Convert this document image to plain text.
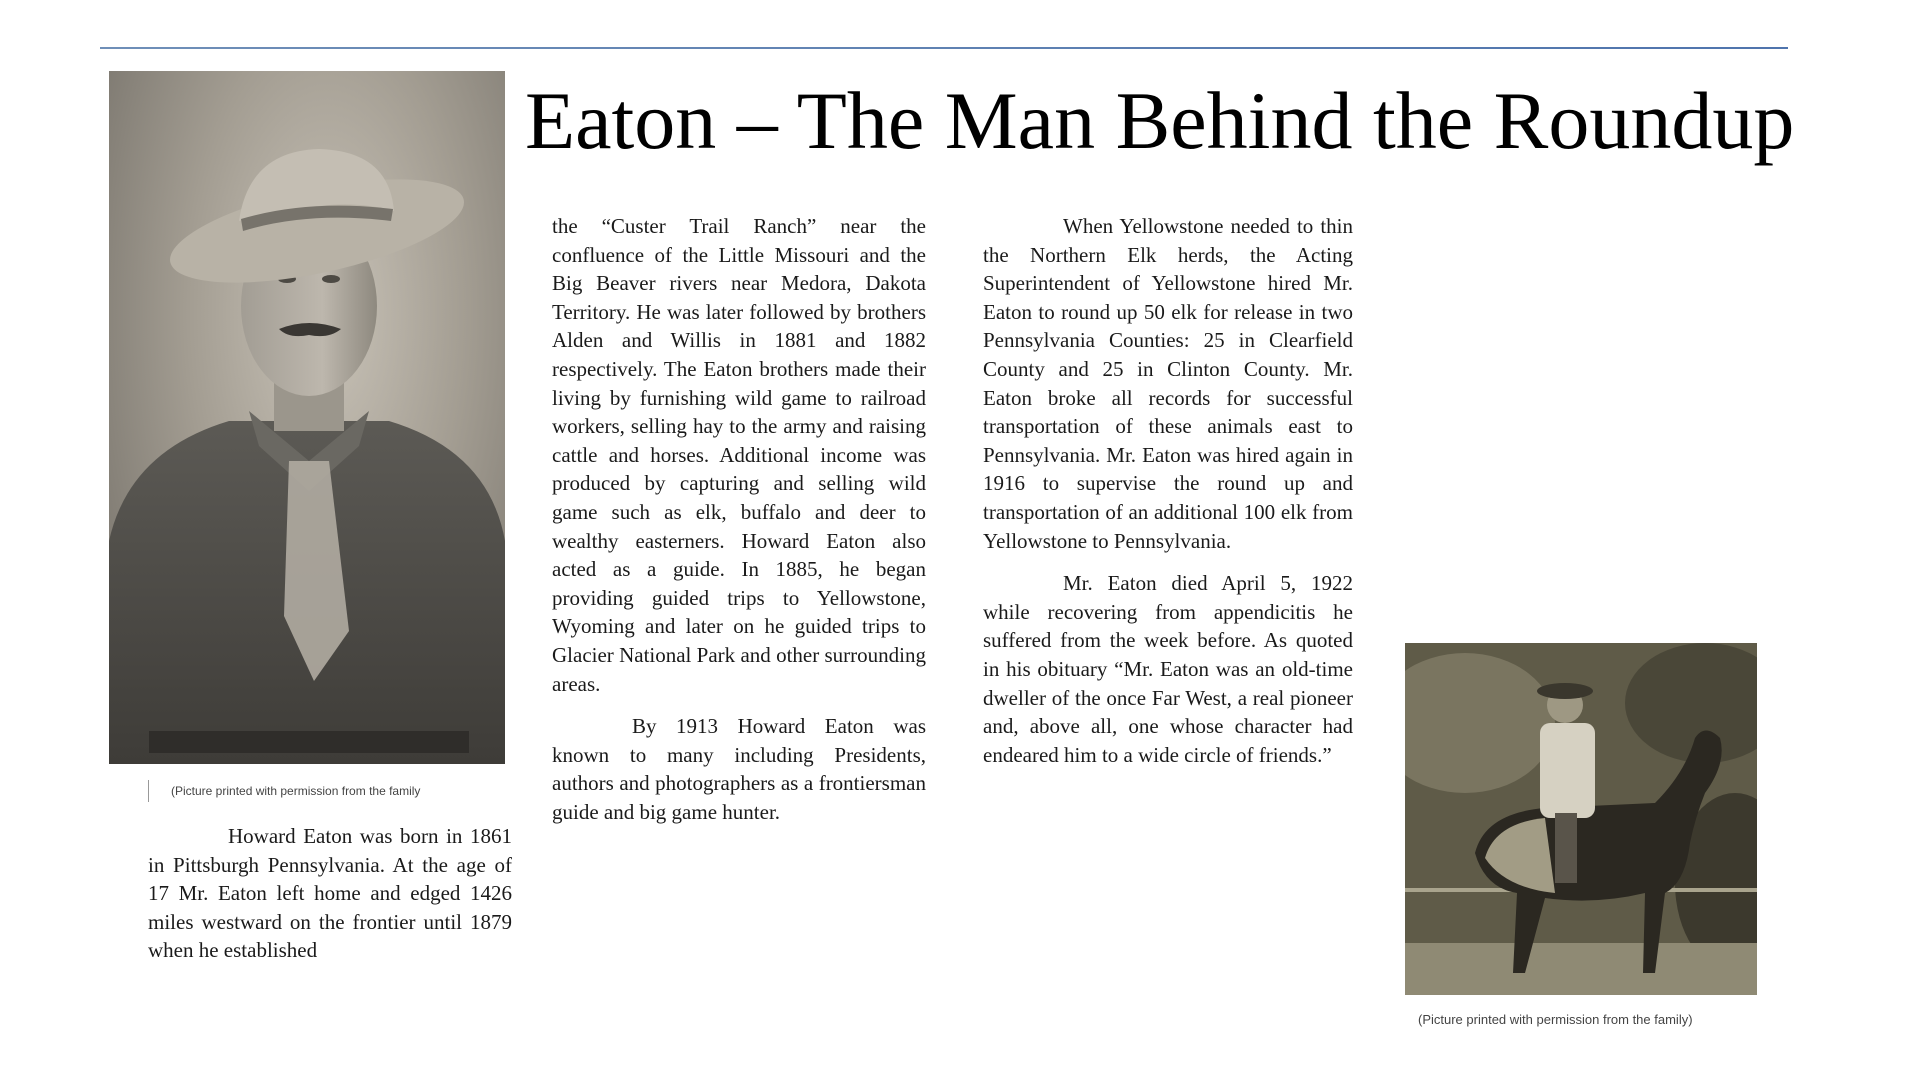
Eaton – The Man Behind the Roundup
(Picture printed with permission from the family
(Picture printed with permission from the family)

Howard Eaton was born in 1861 in Pittsburgh Pennsylvania. At the age of 17 Mr. Eaton left home and edged 1426 miles westward on the frontier until 1879 when he established

the “Custer Trail Ranch” near the confluence of the Little Missouri and the Big Beaver rivers near Medora, Dakota Territory. He was later followed by brothers Alden and Willis in 1881 and 1882 respectively. The Eaton brothers made their living by furnishing wild game to railroad workers, selling hay to the army and raising cattle and horses. Additional income was produced by capturing and selling wild game such as elk, buffalo and deer to wealthy easterners. Howard Eaton also acted as a guide. In 1885, he began providing guided trips to Yellowstone, Wyoming and later on he guided trips to Glacier National Park and other surrounding areas.

By 1913 Howard Eaton was known to many including Presidents, authors and photographers as a frontiersman guide and big game hunter.

When Yellowstone needed to thin the Northern Elk herds, the Acting Superintendent of Yellowstone hired Mr. Eaton to round up 50 elk for release in two Pennsylvania Counties: 25 in Clearfield County and 25 in Clinton County. Mr. Eaton broke all records for successful transportation of these animals east to Pennsylvania. Mr. Eaton was hired again in 1916 to supervise the round up and transportation of an additional 100 elk from Yellowstone to Pennsylvania.

Mr. Eaton died April 5, 1922 while recovering from appendicitis he suffered from the week before. As quoted in his obituary “Mr. Eaton was an old-time dweller of the once Far West, a real pioneer and, above all, one whose character had endeared him to a wide circle of friends.”
